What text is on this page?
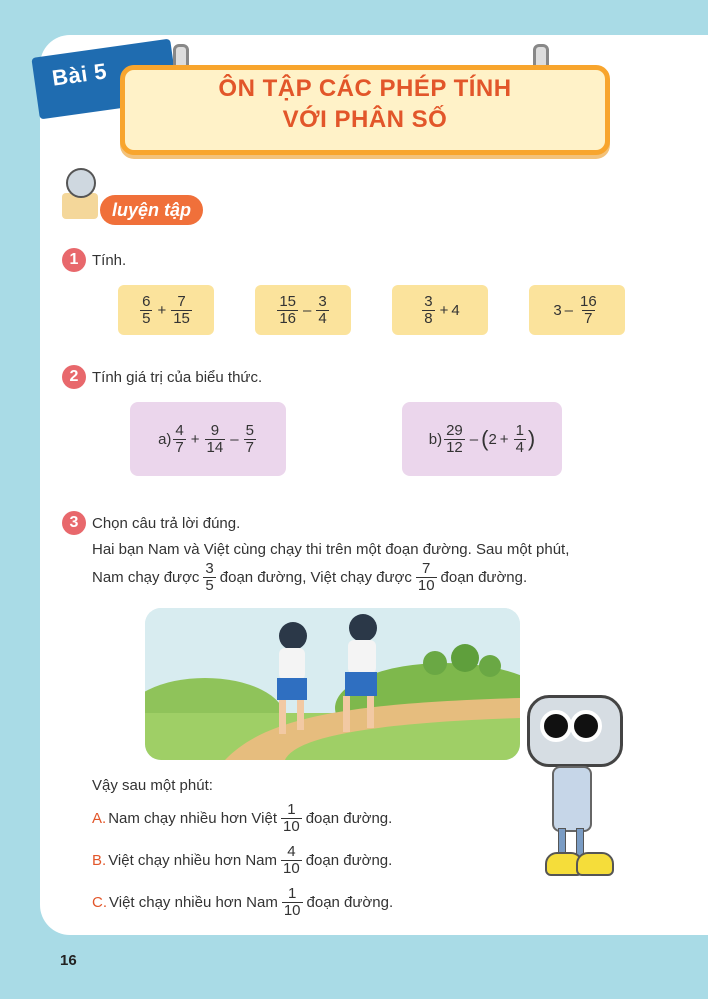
Bài 5	ÔN TẬP CÁC PHÉP TÍNH
VỚI PHÂN SỐ
luyện tập
1 Tính.
$\frac{6}{5} + \frac{7}{15}$	$\frac{15}{16} - \frac{3}{4}$	$\frac{3}{8} + 4$	$3 - \frac{16}{7}$
2 Tính giá trị của biểu thức.
$a) \frac{4}{7} + \frac{9}{14} - \frac{5}{7}$	$b) \frac{29}{12}$ – ( $2 + \frac{1}{4}$ )
3 Chọn câu trả lời đúng.
Hai bạn Nam và Việt cùng chạy thi trên một đoạn đường. Sau một phút,
Nam chạy được $\frac{3}{5}$ đoạn đường, Việt chạy được $\frac{7}{10}$ đoạn đường.
Vậy sau một phút:
A. Nam chạy nhiều hơn Việt $\frac{1}{10}$ đoạn đường.
B. Việt chạy nhiều hơn Nam $\frac{4}{10}$ đoạn đường.
C. Việt chạy nhiều hơn Nam $\frac{1}{10}$ đoạn đường.
16
